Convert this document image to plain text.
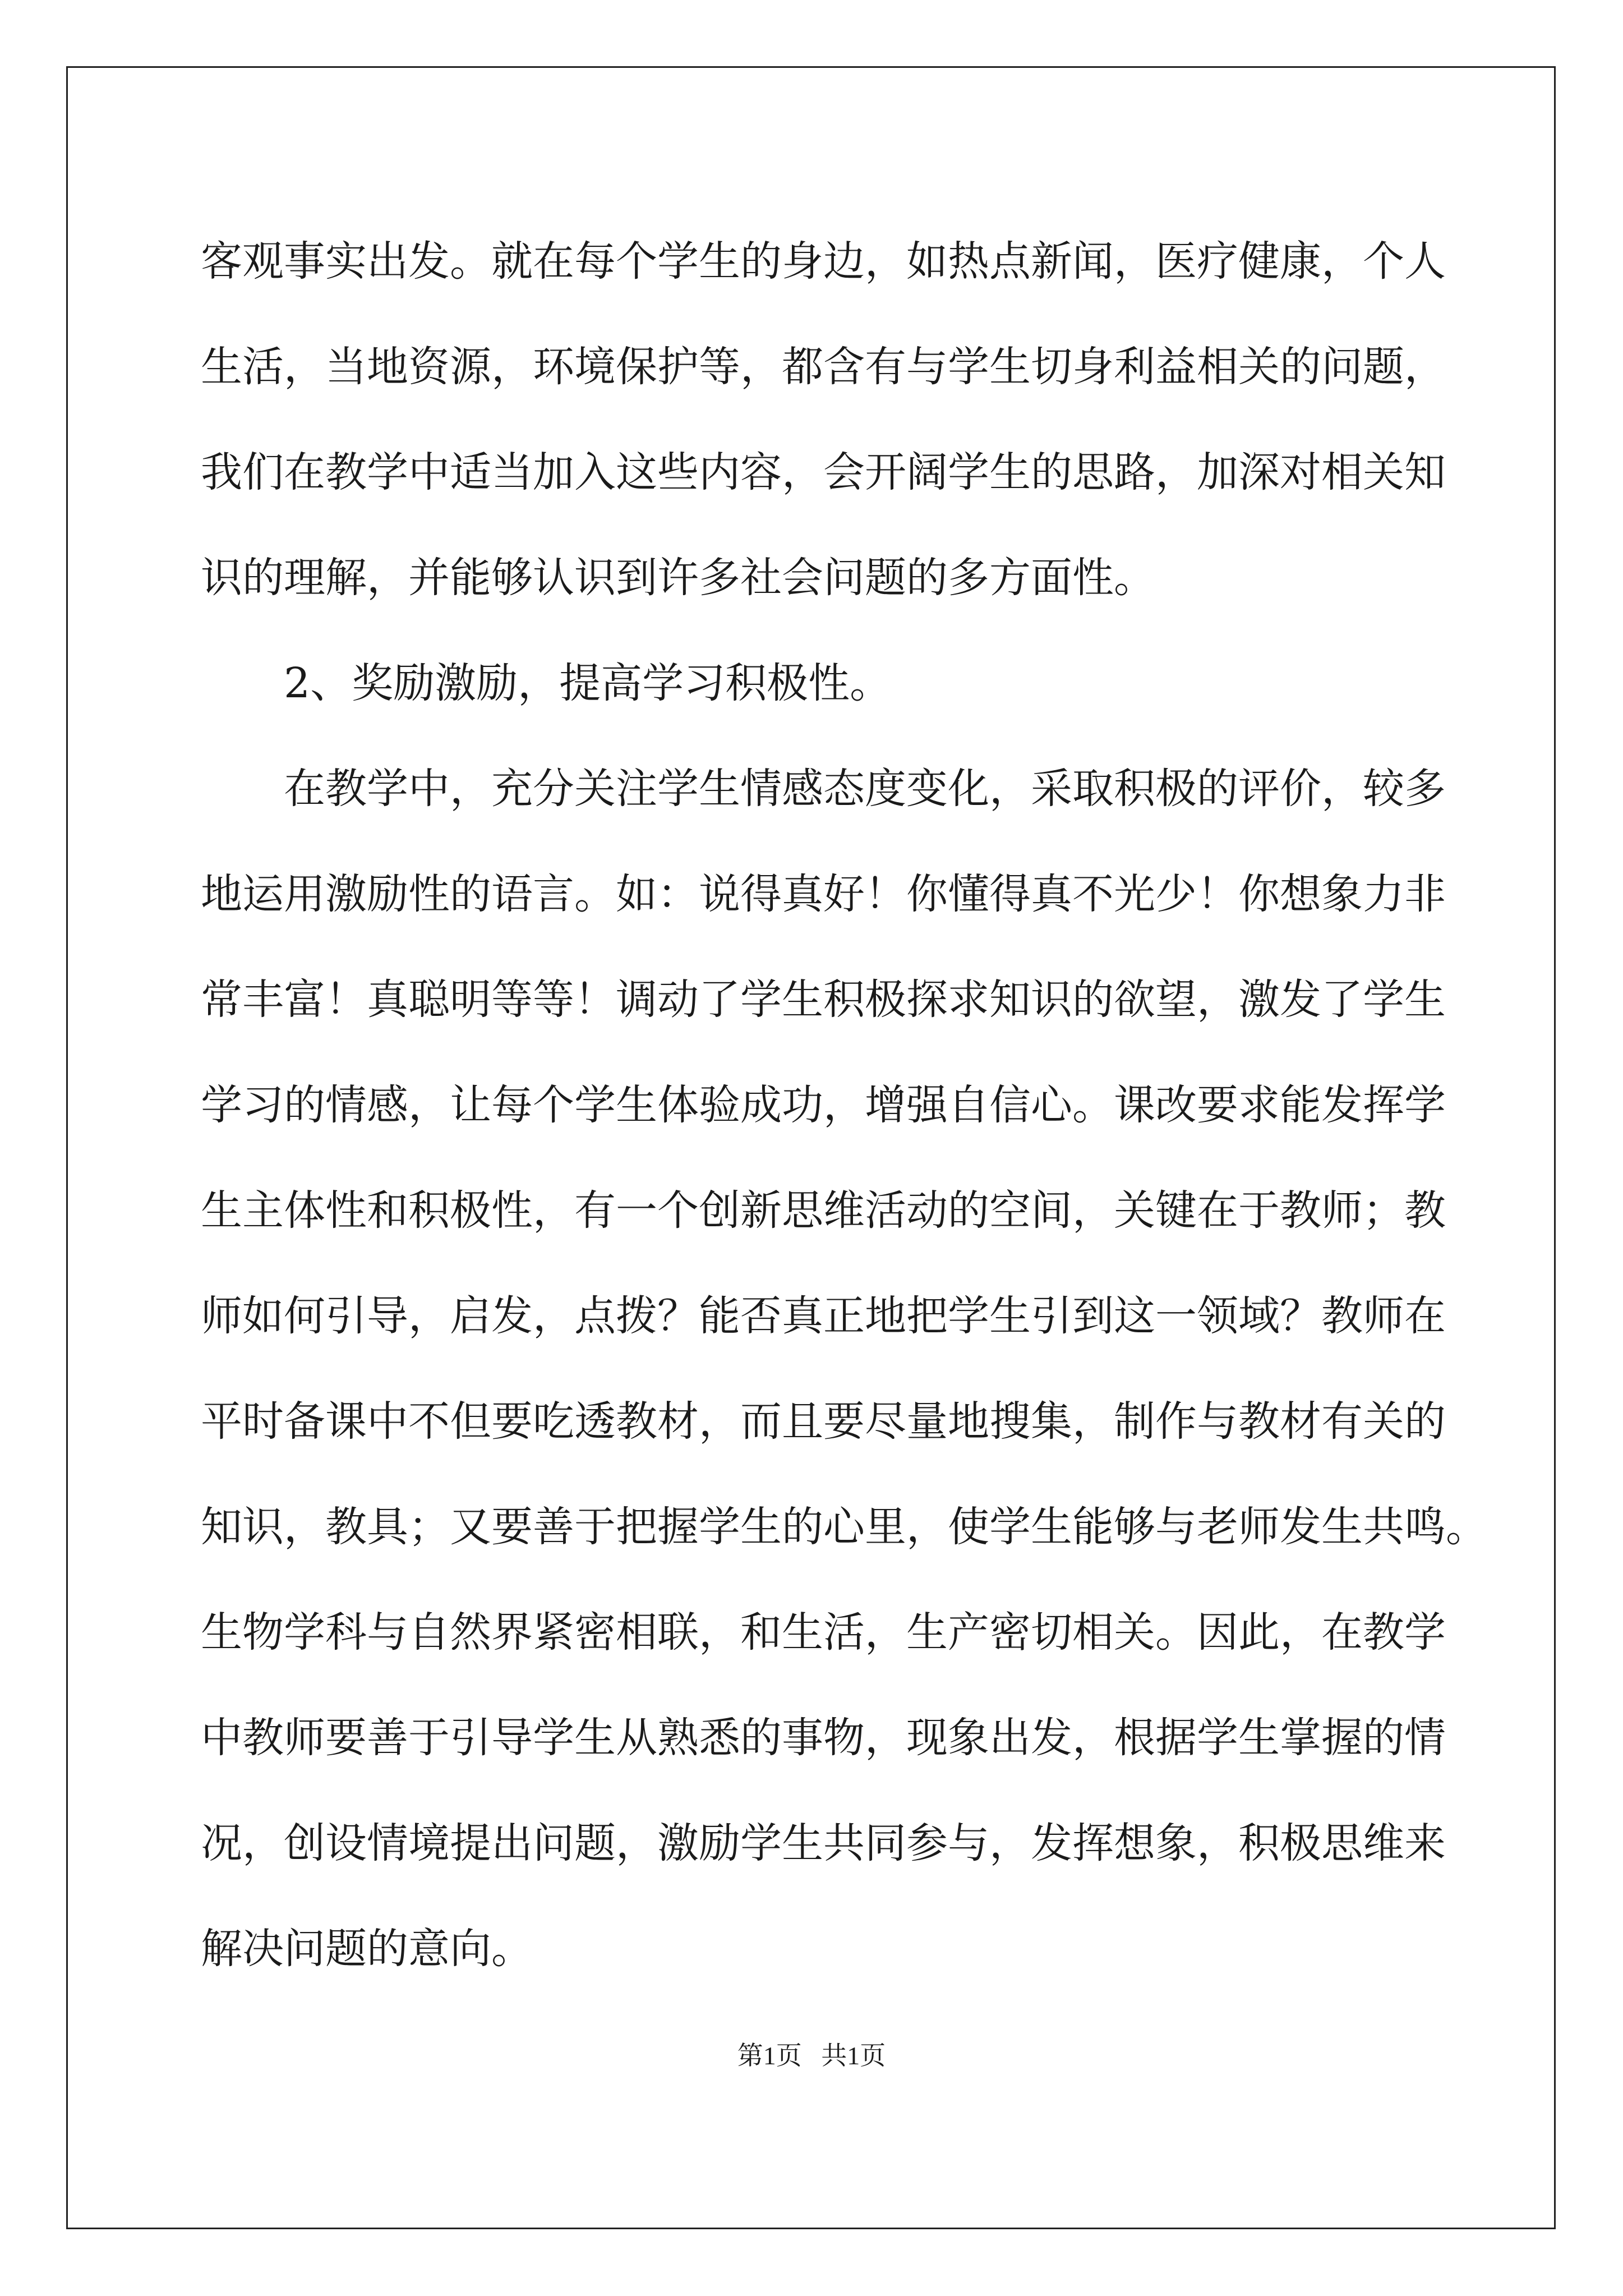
客观事实出发。就在每个学生的身边，如热点新闻，医疗健康，个人
生活，当地资源，环境保护等，都含有与学生切身利益相关的问题，
我们在教学中适当加入这些内容，会开阔学生的思路，加深对相关知
识的理解，并能够认识到许多社会问题的多方面性。
2、奖励激励，提高学习积极性。
在教学中，充分关注学生情感态度变化，采取积极的评价，较多
地运用激励性的语言。如：说得真好！你懂得真不光少！你想象力非
常丰富！真聪明等等！调动了学生积极探求知识的欲望，激发了学生
学习的情感，让每个学生体验成功，增强自信心。课改要求能发挥学
生主体性和积极性，有一个创新思维活动的空间，关键在于教师；教
师如何引导，启发，点拨？能否真正地把学生引到这一领域？教师在
平时备课中不但要吃透教材，而且要尽量地搜集，制作与教材有关的
知识，教具；又要善于把握学生的心里，使学生能够与老师发生共鸣。
生物学科与自然界紧密相联，和生活，生产密切相关。因此，在教学
中教师要善于引导学生从熟悉的事物，现象出发，根据学生掌握的情
况，创设情境提出问题，激励学生共同参与，发挥想象，积极思维来
解决问题的意向。
第1页   共1页
